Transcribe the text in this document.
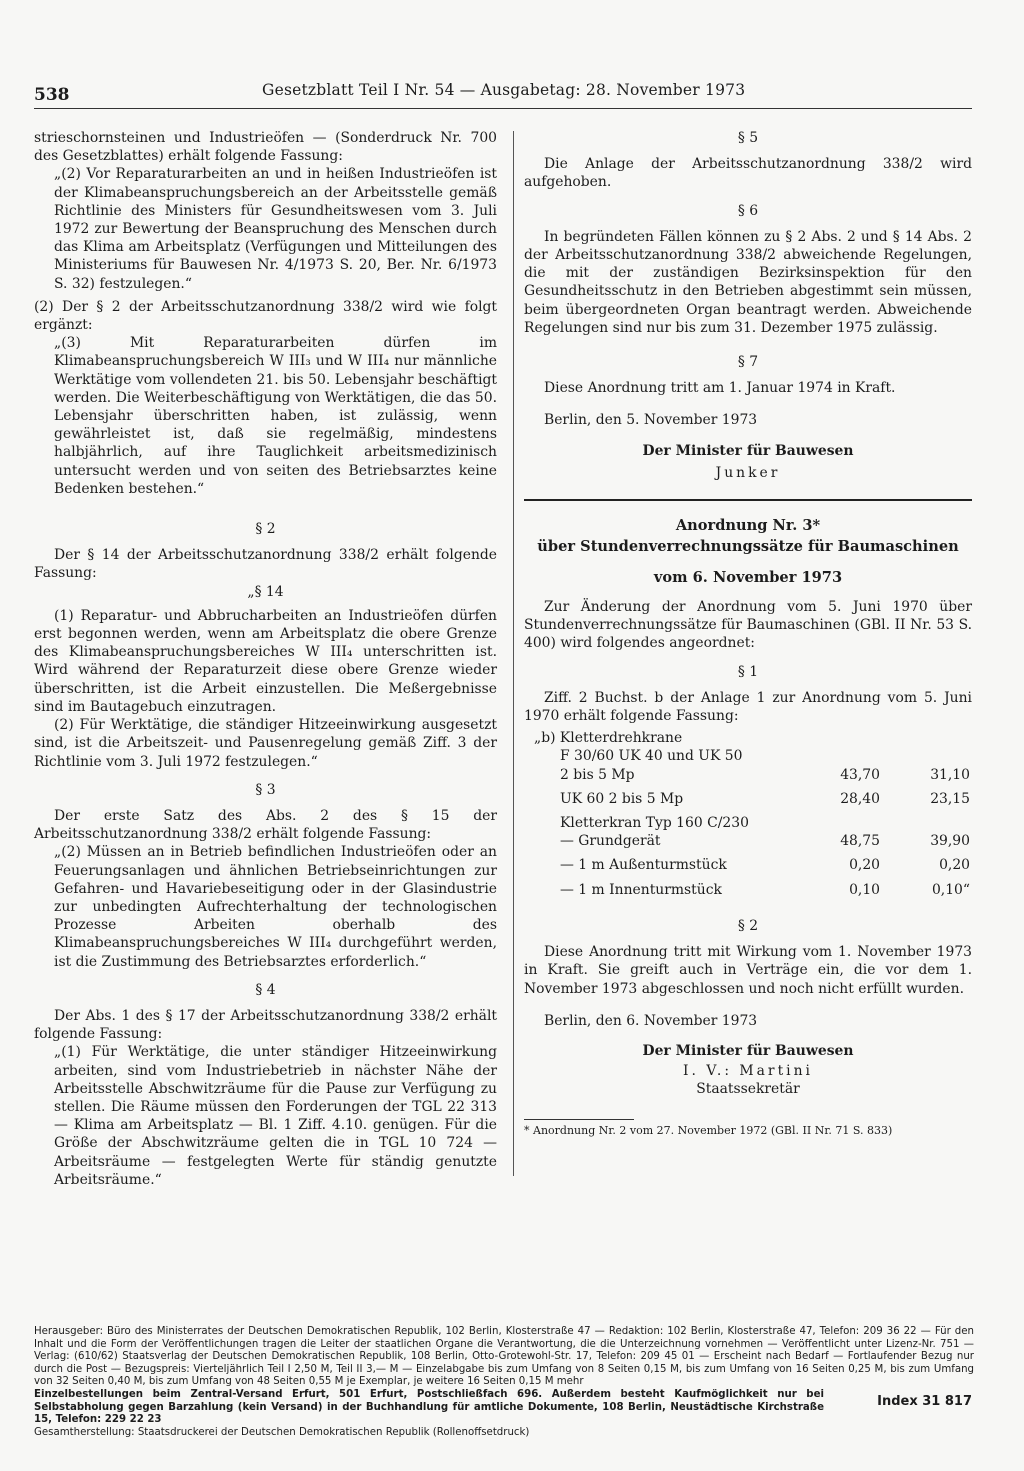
538	Gesetzblatt Teil I Nr. 54 — Ausgabetag: 28. November 1973

strieschornsteinen und Industrieöfen — (Sonderdruck Nr. 700 des Gesetzblattes) erhält folgende Fassung:

„(2) Vor Reparaturarbeiten an und in heißen Industrieöfen ist der Klimabeanspruchungsbereich an der Arbeitsstelle gemäß Richtlinie des Ministers für Gesundheitswesen vom 3. Juli 1972 zur Bewertung der Beanspruchung des Menschen durch das Klima am Arbeitsplatz (Verfügungen und Mitteilungen des Ministeriums für Bauwesen Nr. 4/1973 S. 20, Ber. Nr. 6/1973 S. 32) festzulegen.“

(2) Der § 2 der Arbeitsschutzanordnung 338/2 wird wie folgt ergänzt:

„(3) Mit Reparaturarbeiten dürfen im Klimabeanspruchungsbereich W III₃ und W III₄ nur männliche Werktätige vom vollendeten 21. bis 50. Lebensjahr beschäftigt werden. Die Weiterbeschäftigung von Werktätigen, die das 50. Lebensjahr überschritten haben, ist zulässig, wenn gewährleistet ist, daß sie regelmäßig, mindestens halbjährlich, auf ihre Tauglichkeit arbeitsmedizinisch untersucht werden und von seiten des Betriebsarztes keine Bedenken bestehen.“

§ 2

Der § 14 der Arbeitsschutzanordnung 338/2 erhält folgende Fassung:

„§ 14

(1) Reparatur- und Abbrucharbeiten an Industrieöfen dürfen erst begonnen werden, wenn am Arbeitsplatz die obere Grenze des Klimabeanspruchungsbereiches W III₄ unterschritten ist. Wird während der Reparaturzeit diese obere Grenze wieder überschritten, ist die Arbeit einzustellen. Die Meßergebnisse sind im Bautagebuch einzutragen.

(2) Für Werktätige, die ständiger Hitzeeinwirkung ausgesetzt sind, ist die Arbeitszeit- und Pausenregelung gemäß Ziff. 3 der Richtlinie vom 3. Juli 1972 festzulegen.“

§ 3

Der erste Satz des Abs. 2 des § 15 der Arbeitsschutzanordnung 338/2 erhält folgende Fassung:

„(2) Müssen an in Betrieb befindlichen Industrieöfen oder an Feuerungsanlagen und ähnlichen Betriebseinrichtungen zur Gefahren- und Havariebeseitigung oder in der Glasindustrie zur unbedingten Aufrechterhaltung der technologischen Prozesse Arbeiten oberhalb des Klimabeanspruchungsbereiches W III₄ durchgeführt werden, ist die Zustimmung des Betriebsarztes erforderlich.“

§ 4

Der Abs. 1 des § 17 der Arbeitsschutzanordnung 338/2 erhält folgende Fassung:

„(1) Für Werktätige, die unter ständiger Hitzeeinwirkung arbeiten, sind vom Industriebetrieb in nächster Nähe der Arbeitsstelle Abschwitzräume für die Pause zur Verfügung zu stellen. Die Räume müssen den Forderungen der TGL 22 313 — Klima am Arbeitsplatz — Bl. 1 Ziff. 4.10. genügen. Für die Größe der Abschwitzräume gelten die in TGL 10 724 — Arbeitsräume — festgelegten Werte für ständig genutzte Arbeitsräume.“

§ 5

Die Anlage der Arbeitsschutzanordnung 338/2 wird aufgehoben.

§ 6

In begründeten Fällen können zu § 2 Abs. 2 und § 14 Abs. 2 der Arbeitsschutzanordnung 338/2 abweichende Regelungen, die mit der zuständigen Bezirksinspektion für den Gesundheitsschutz in den Betrieben abgestimmt sein müssen, beim übergeordneten Organ beantragt werden. Abweichende Regelungen sind nur bis zum 31. Dezember 1975 zulässig.

§ 7

Diese Anordnung tritt am 1. Januar 1974 in Kraft.

Berlin, den 5. November 1973

Der Minister für Bauwesen

Junker

Anordnung Nr. 3*

über Stundenverrechnungssätze für Baumaschinen

vom 6. November 1973

Zur Änderung der Anordnung vom 5. Juni 1970 über Stundenverrechnungssätze für Baumaschinen (GBl. II Nr. 53 S. 400) wird folgendes angeordnet:

§ 1

Ziff. 2 Buchst. b der Anlage 1 zur Anordnung vom 5. Juni 1970 erhält folgende Fassung:

„b) Kletterdrehkrane		
F 30/60 UK 40 und UK 50		
2 bis 5 Mp	43,70	31,10
UK 60 2 bis 5 Mp	28,40	23,15
Kletterkran Typ 160 C/230		
— Grundgerät	48,75	39,90
— 1 m Außenturmstück	0,20	0,20
— 1 m Innenturmstück	0,10	0,10“

§ 2

Diese Anordnung tritt mit Wirkung vom 1. November 1973 in Kraft. Sie greift auch in Verträge ein, die vor dem 1. November 1973 abgeschlossen und noch nicht erfüllt wurden.

Berlin, den 6. November 1973

Der Minister für Bauwesen

I. V.: Martini

Staatssekretär

* Anordnung Nr. 2 vom 27. November 1972 (GBl. II Nr. 71 S. 833)

Herausgeber: Büro des Ministerrates der Deutschen Demokratischen Republik, 102 Berlin, Klosterstraße 47 — Redaktion: 102 Berlin, Klosterstraße 47, Telefon: 209 36 22 — Für den Inhalt und die Form der Veröffentlichungen tragen die Leiter der staatlichen Organe die Verantwortung, die die Unterzeichnung vornehmen — Veröffentlicht unter Lizenz-Nr. 751 — Verlag: (610/62) Staatsverlag der Deutschen Demokratischen Republik, 108 Berlin, Otto-Grotewohl-Str. 17, Telefon: 209 45 01 — Erscheint nach Bedarf — Fortlaufender Bezug nur durch die Post — Bezugspreis: Vierteljährlich Teil I 2,50 M, Teil II 3,— M — Einzelabgabe bis zum Umfang von 8 Seiten 0,15 M, bis zum Umfang von 16 Seiten 0,25 M, bis zum Umfang von 32 Seiten 0,40 M, bis zum Umfang von 48 Seiten 0,55 M je Exemplar, je weitere 16 Seiten 0,15 M mehr

Einzelbestellungen beim Zentral-Versand Erfurt, 501 Erfurt, Postschließfach 696. Außerdem besteht Kaufmöglichkeit nur bei Selbstabholung gegen Barzahlung (kein Versand) in der Buchhandlung für amtliche Dokumente, 108 Berlin, Neustädtische Kirchstraße 15, Telefon: 229 22 23

Gesamtherstellung: Staatsdruckerei der Deutschen Demokratischen Republik (Rollenoffsetdruck)

Index 31 817
